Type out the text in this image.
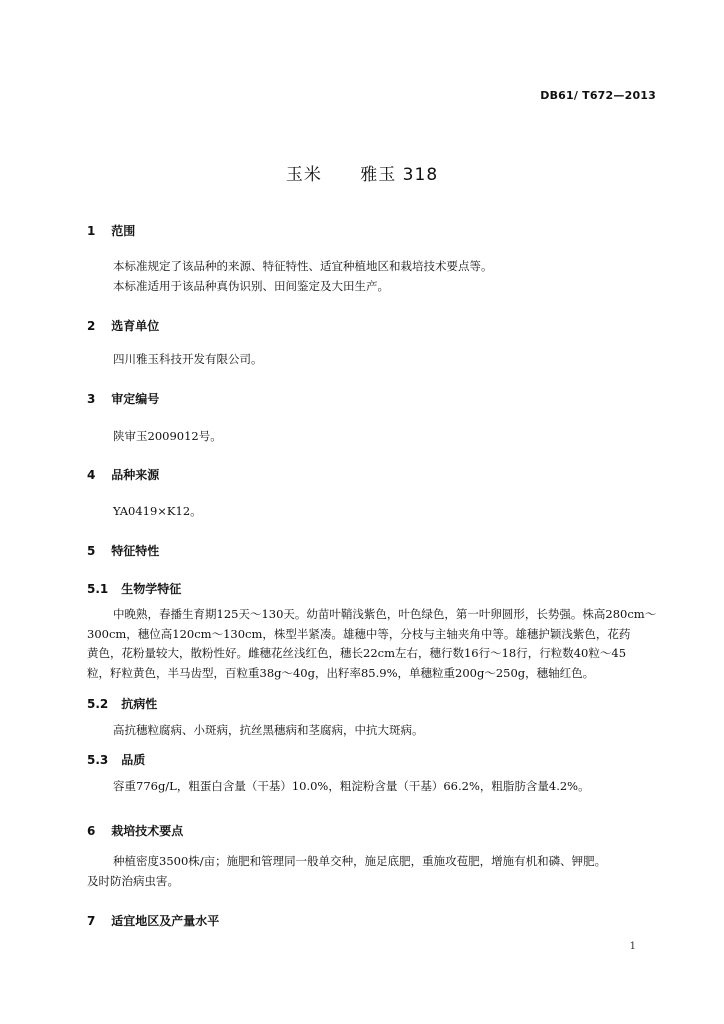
DB61/ T672—2013
玉米      雅玉 318
1 范围
本标准规定了该品种的来源、特征特性、适宜种植地区和栽培技术要点等。
本标准适用于该品种真伪识别、田间鉴定及大田生产。
2 选育单位
四川雅玉科技开发有限公司。
3 审定编号
陕审玉2009012号。
4 品种来源
YA0419×K12。
5 特征特性
5.1 生物学特征
中晚熟，春播生育期125天～130天。幼苗叶鞘浅紫色，叶色绿色，第一叶卵圆形，长势强。株高280cm～
300cm，穗位高120cm～130cm，株型半紧凑。雄穗中等，分枝与主轴夹角中等。雄穗护颖浅紫色，花药
黄色，花粉量较大，散粉性好。雌穗花丝浅红色，穗长22cm左右，穗行数16行～18行，行粒数40粒～45
粒，籽粒黄色，半马齿型，百粒重38g～40g，出籽率85.9%，单穗粒重200g～250g，穗轴红色。
5.2 抗病性
高抗穗粒腐病、小斑病，抗丝黑穗病和茎腐病，中抗大斑病。
5.3 品质
容重776g/L，粗蛋白含量（干基）10.0%，粗淀粉含量（干基）66.2%，粗脂肪含量4.2%。
6 栽培技术要点
种植密度3500株/亩；施肥和管理同一般单交种，施足底肥，重施攻苞肥，增施有机和磷、钾肥。
及时防治病虫害。
7 适宜地区及产量水平
1
